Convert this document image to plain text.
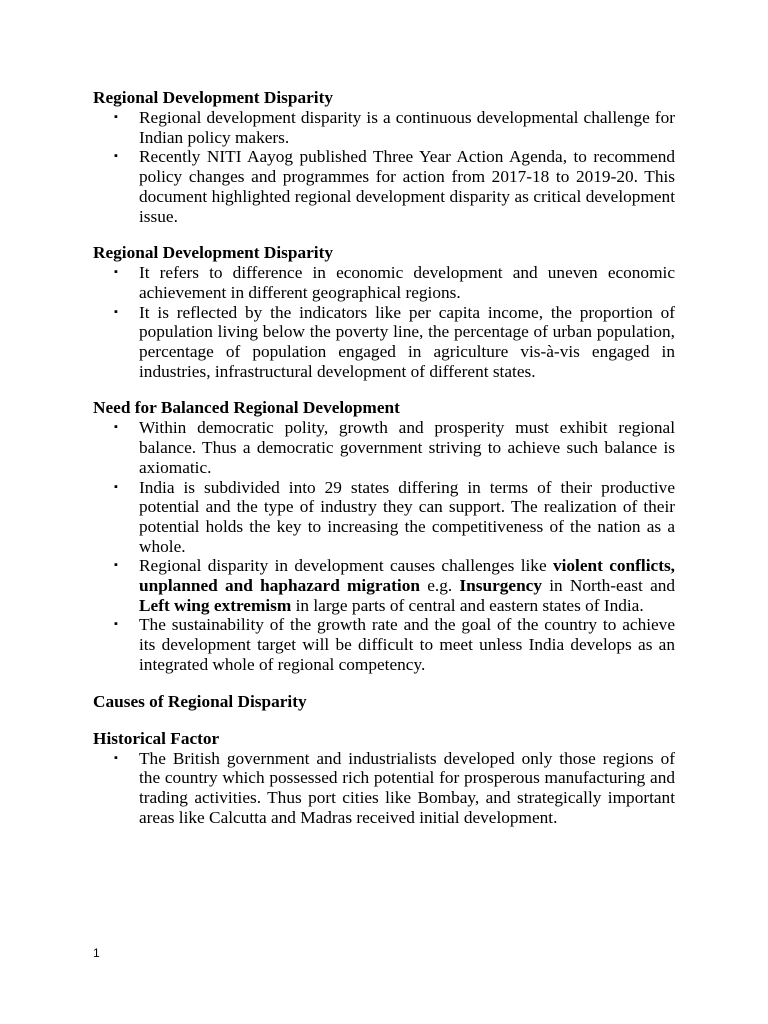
Regional Development Disparity

▪ Regional development disparity is a continuous developmental challenge for Indian policy makers.
▪ Recently NITI Aayog published Three Year Action Agenda, to recommend policy changes and programmes for action from 2017-18 to 2019-20. This document highlighted regional development disparity as critical development issue.

Regional Development Disparity

▪ It refers to difference in economic development and uneven economic achievement in different geographical regions.
▪ It is reflected by the indicators like per capita income, the proportion of population living below the poverty line, the percentage of urban population, percentage of population engaged in agriculture vis-à-vis engaged in industries, infrastructural development of different states.

Need for Balanced Regional Development

▪ Within democratic polity, growth and prosperity must exhibit regional balance. Thus a democratic government striving to achieve such balance is axiomatic.
▪ India is subdivided into 29 states differing in terms of their productive potential and the type of industry they can support. The realization of their potential holds the key to increasing the competitiveness of the nation as a whole.
▪ Regional disparity in development causes challenges like violent conflicts, unplanned and haphazard migration e.g. Insurgency in North-east and Left wing extremism in large parts of central and eastern states of India.
▪ The sustainability of the growth rate and the goal of the country to achieve its development target will be difficult to meet unless India develops as an integrated whole of regional competency.

Causes of Regional Disparity

Historical Factor

▪ The British government and industrialists developed only those regions of the country which possessed rich potential for prosperous manufacturing and trading activities. Thus port cities like Bombay, and strategically important areas like Calcutta and Madras received initial development.
1
